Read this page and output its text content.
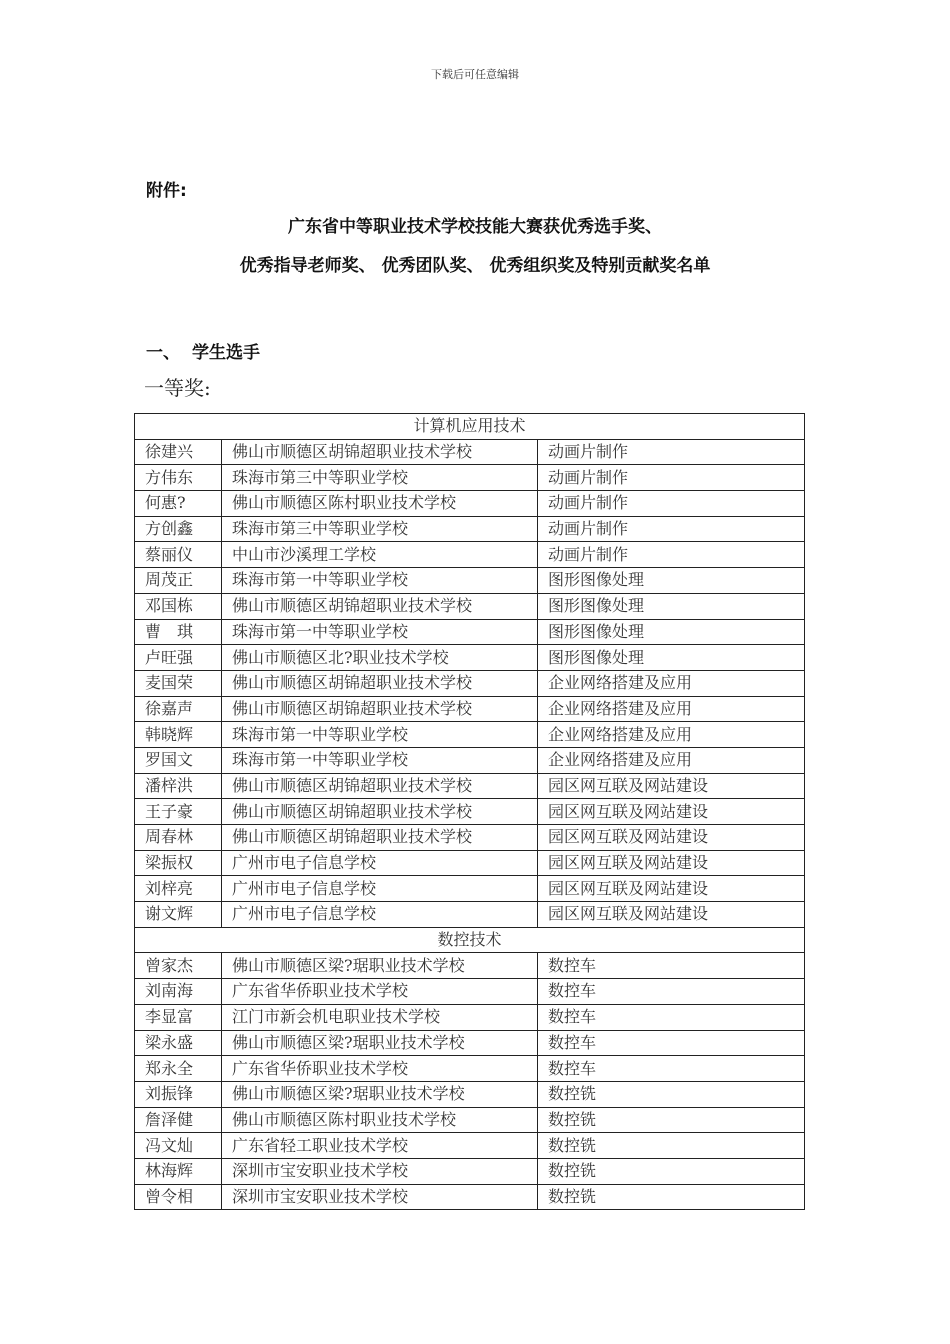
下载后可任意编辑
附件:
广东省中等职业技术学校技能大赛获优秀选手奖、
优秀指导老师奖、 优秀团队奖、 优秀组织奖及特别贡献奖名单
一、 学生选手
一等奖:
计算机应用技术		
徐建兴	佛山市顺德区胡锦超职业技术学校	动画片制作
方伟东	珠海市第三中等职业学校	动画片制作
何惠?	佛山市顺德区陈村职业技术学校	动画片制作
方创鑫	珠海市第三中等职业学校	动画片制作
蔡丽仪	中山市沙溪理工学校	动画片制作
周茂正	珠海市第一中等职业学校	图形图像处理
邓国栋	佛山市顺德区胡锦超职业技术学校	图形图像处理
曹　琪	珠海市第一中等职业学校	图形图像处理
卢旺强	佛山市顺德区北?职业技术学校	图形图像处理
麦国荣	佛山市顺德区胡锦超职业技术学校	企业网络搭建及应用
徐嘉声	佛山市顺德区胡锦超职业技术学校	企业网络搭建及应用
韩晓辉	珠海市第一中等职业学校	企业网络搭建及应用
罗国文	珠海市第一中等职业学校	企业网络搭建及应用
潘梓洪	佛山市顺德区胡锦超职业技术学校	园区网互联及网站建设
王子豪	佛山市顺德区胡锦超职业技术学校	园区网互联及网站建设
周春林	佛山市顺德区胡锦超职业技术学校	园区网互联及网站建设
梁振权	广州市电子信息学校	园区网互联及网站建设
刘梓亮	广州市电子信息学校	园区网互联及网站建设
谢文辉	广州市电子信息学校	园区网互联及网站建设
数控技术		
曾家杰	佛山市顺德区梁?琚职业技术学校	数控车
刘南海	广东省华侨职业技术学校	数控车
李显富	江门市新会机电职业技术学校	数控车
梁永盛	佛山市顺德区梁?琚职业技术学校	数控车
郑永全	广东省华侨职业技术学校	数控车
刘振锋	佛山市顺德区梁?琚职业技术学校	数控铣
詹泽健	佛山市顺德区陈村职业技术学校	数控铣
冯文灿	广东省轻工职业技术学校	数控铣
林海辉	深圳市宝安职业技术学校	数控铣
曾令相	深圳市宝安职业技术学校	数控铣
